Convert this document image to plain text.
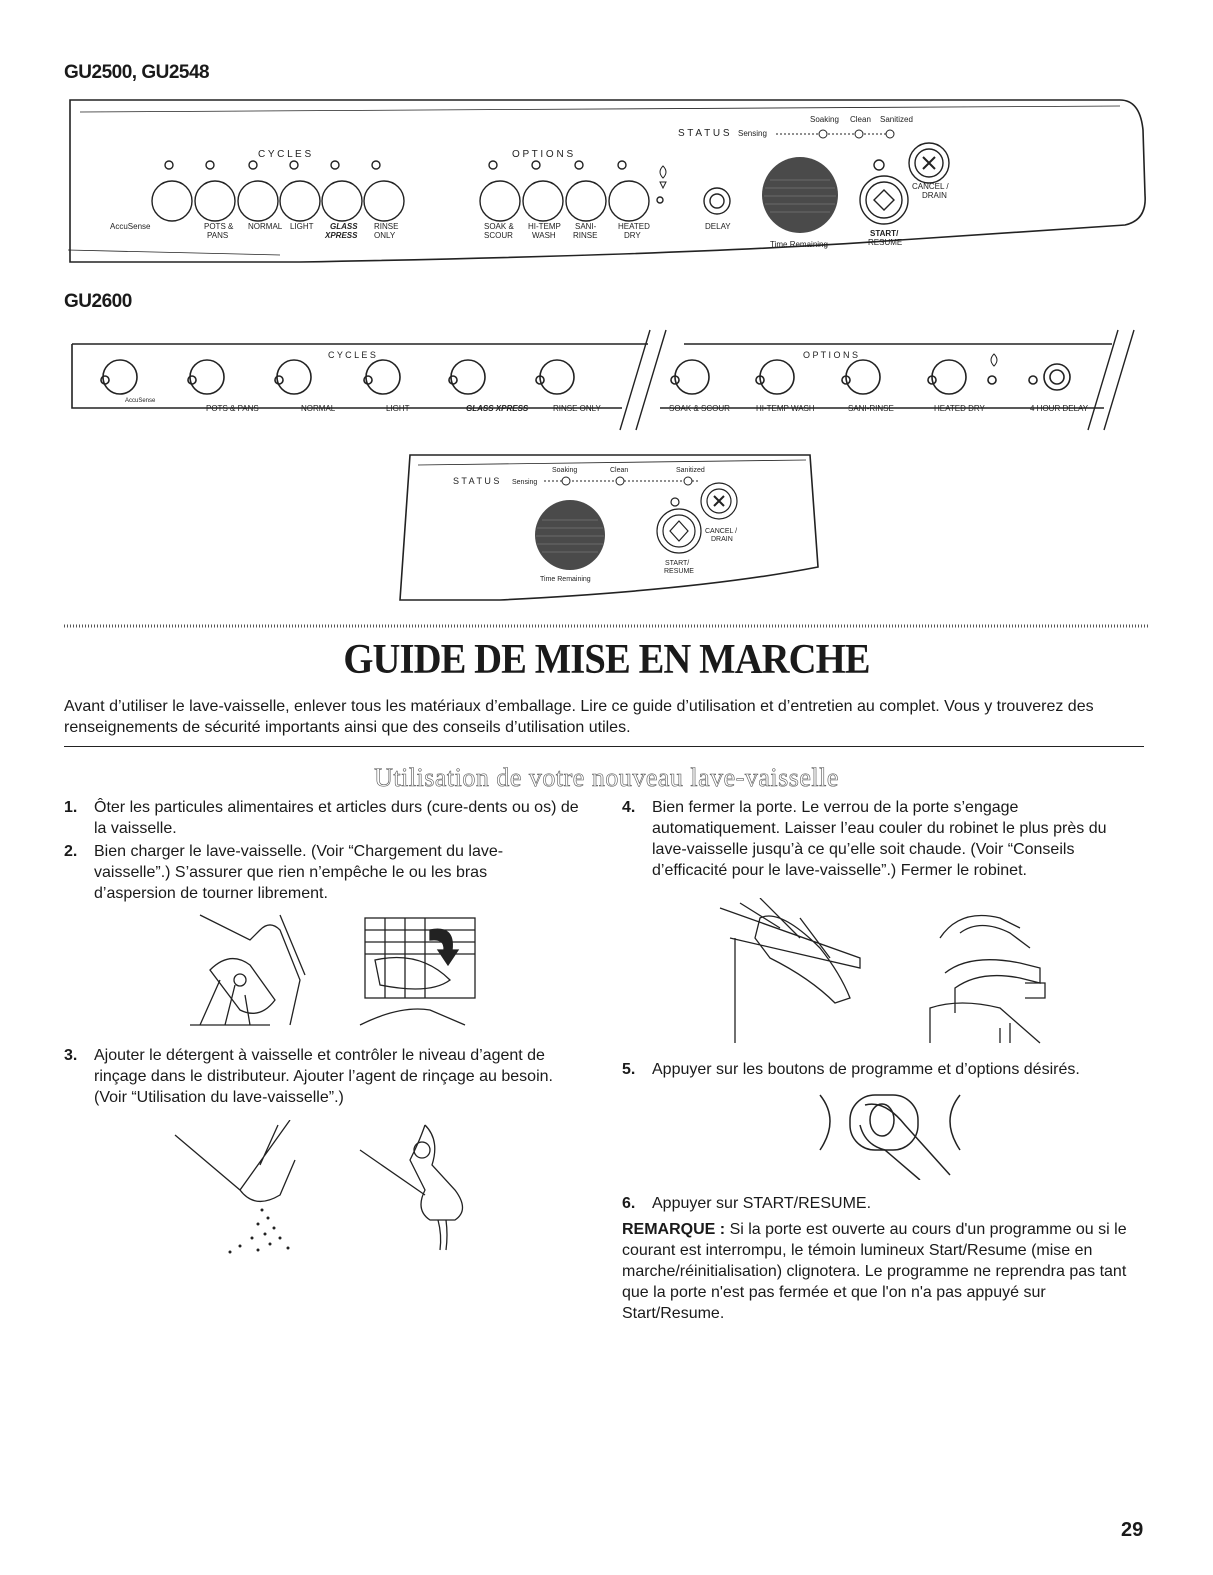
GU2500, GU2548
GU2600
C Y C L E S	O P T I O N S
S T A T U S Sensing
Soaking Clean Sanitized
AccuSense	POTS &
PANS
NORMAL LIGHT GLASS
XPRESS
RINSE
ONLY
SOAK &
SCOUR
HI-TEMP
WASH
SANI-
RINSE
HEATED
DRY
DELAY
Time Remaining
CANCEL /
DRAIN
START/
RESUME
C Y C L E S	O P T I O N S
AccuSense
POTS & PANS	NORMAL	LIGHT	GLASS XPRESS	RINSE ONLY	SOAK & SCOUR	HI-TEMP WASH	SANI-RINSE	HEATED DRY	4 HOUR DELAY
S T A T U S Sensing
Soaking	Clean	Sanitized
Time Remaining
CANCEL /
DRAIN
START/
RESUME
GUIDE DE MISE EN MARCHE
Avant d’utiliser le lave-vaisselle, enlever tous les matériaux d’emballage. Lire ce guide d’utilisation et d’entretien au complet. Vous y trouverez des renseignements de sécurité importants ainsi que des conseils d’utilisation utiles.
Utilisation de votre nouveau lave-vaisselle
1. Ôter les particules alimentaires et articles durs (cure-dents ou os) de la vaisselle.
2. Bien charger le lave-vaisselle. (Voir “Chargement du lave-vaisselle”.) S’assurer que rien n’empêche le ou les bras d’aspersion de tourner librement.
3. Ajouter le détergent à vaisselle et contrôler le niveau d’agent de rinçage dans le distributeur. Ajouter l’agent de rinçage au besoin. (Voir “Utilisation du lave-vaisselle”.)
4. Bien fermer la porte. Le verrou de la porte s’engage automatiquement. Laisser l’eau couler du robinet le plus près du lave-vaisselle jusqu’à ce qu’elle soit chaude. (Voir “Conseils d’efficacité pour le lave-vaisselle”.) Fermer le robinet.
5. Appuyer sur les boutons de programme et d’options désirés.
6. Appuyer sur START/RESUME.
REMARQUE : Si la porte est ouverte au cours d'un programme ou si le courant est interrompu, le témoin lumineux Start/Resume (mise en marche/réinitialisation) clignotera. Le programme ne reprendra pas tant que la porte n'est pas fermée et que l'on n'a pas appuyé sur Start/Resume.
29
